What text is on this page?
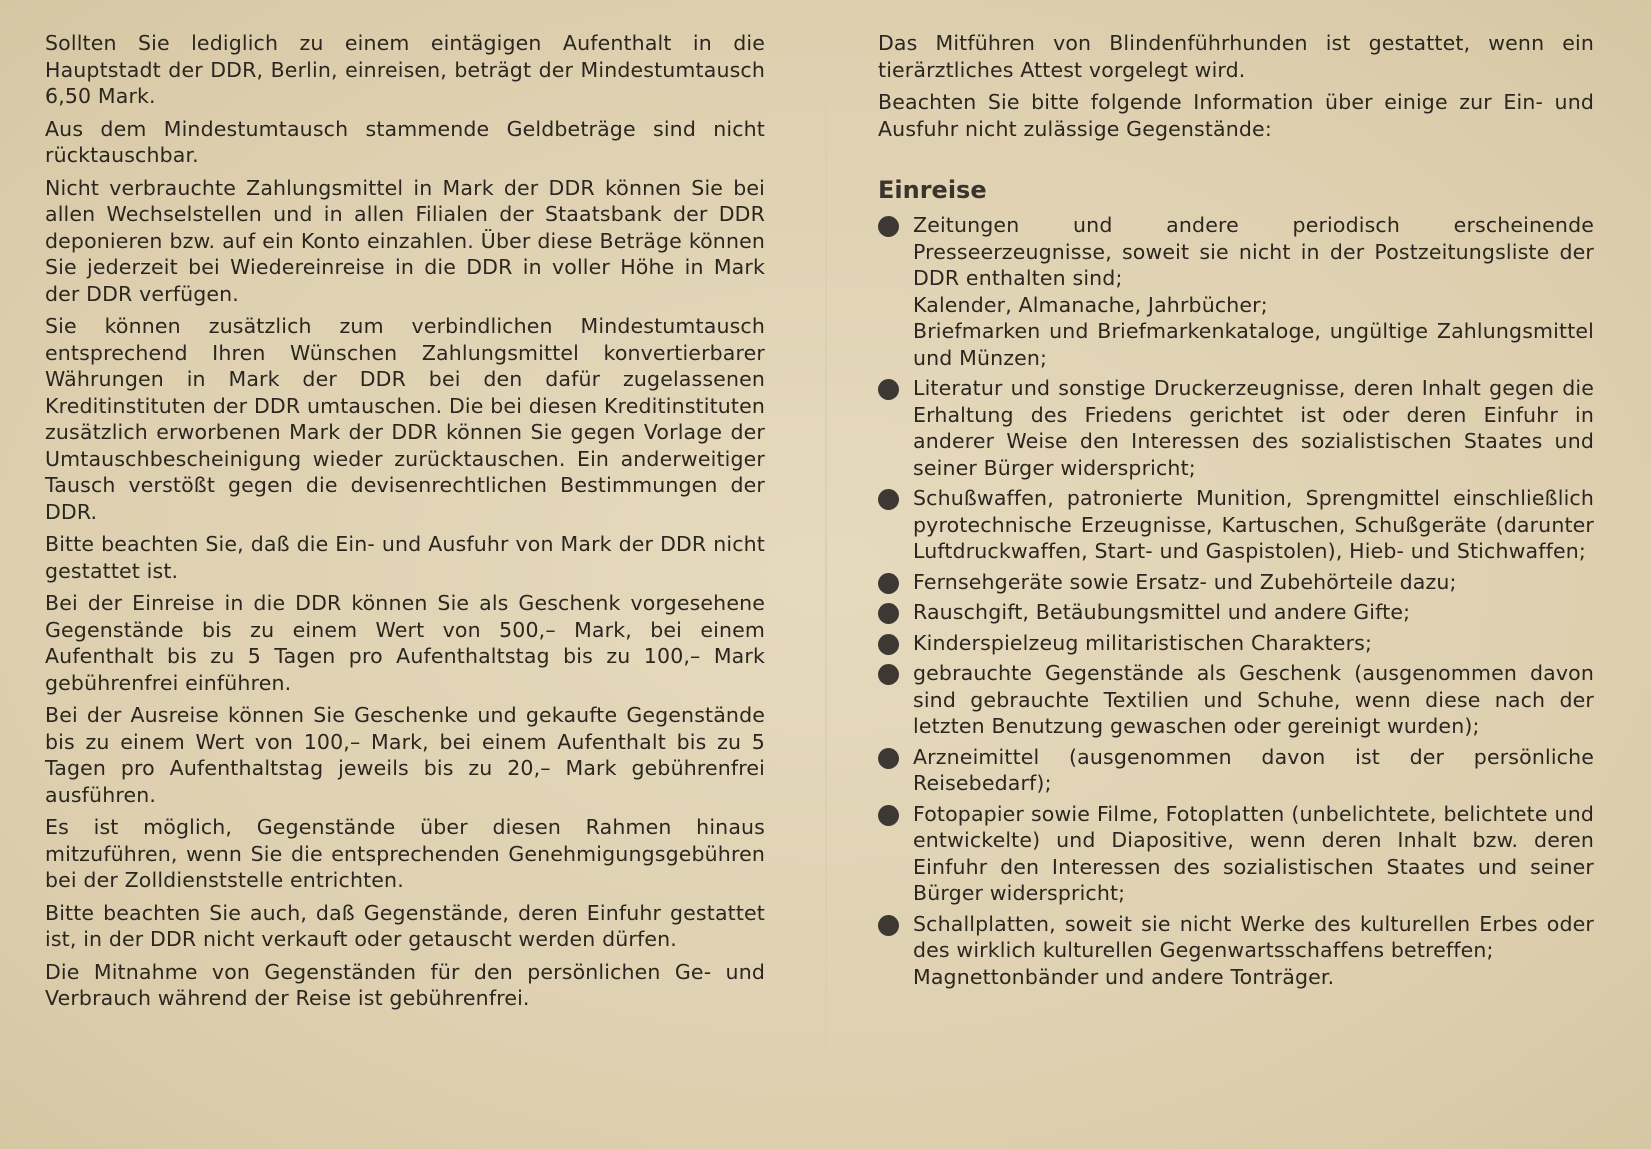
Sollten Sie lediglich zu einem eintägigen Aufenthalt in die Hauptstadt der DDR, Berlin, einreisen, beträgt der Mindestumtausch 6,50 Mark.

Aus dem Mindestumtausch stammende Geldbeträge sind nicht rücktauschbar.

Nicht verbrauchte Zahlungsmittel in Mark der DDR können Sie bei allen Wechselstellen und in allen Filialen der Staatsbank der DDR deponieren bzw. auf ein Konto einzahlen. Über diese Beträge können Sie jederzeit bei Wiedereinreise in die DDR in voller Höhe in Mark der DDR verfügen.

Sie können zusätzlich zum verbindlichen Mindestumtausch entsprechend Ihren Wünschen Zahlungsmittel konvertierbarer Währungen in Mark der DDR bei den dafür zugelassenen Kreditinstituten der DDR umtauschen. Die bei diesen Kreditinstituten zusätzlich erworbenen Mark der DDR können Sie gegen Vorlage der Umtauschbescheinigung wieder zurücktauschen. Ein anderweitiger Tausch verstößt gegen die devisenrechtlichen Bestimmungen der DDR.

Bitte beachten Sie, daß die Ein- und Ausfuhr von Mark der DDR nicht gestattet ist.

Bei der Einreise in die DDR können Sie als Geschenk vorgesehene Gegenstände bis zu einem Wert von 500,– Mark, bei einem Aufenthalt bis zu 5 Tagen pro Aufenthaltstag bis zu 100,– Mark gebührenfrei einführen.

Bei der Ausreise können Sie Geschenke und gekaufte Gegenstände bis zu einem Wert von 100,– Mark, bei einem Aufenthalt bis zu 5 Tagen pro Aufenthaltstag jeweils bis zu 20,– Mark gebührenfrei ausführen.

Es ist möglich, Gegenstände über diesen Rahmen hinaus mitzuführen, wenn Sie die entsprechenden Genehmigungsgebühren bei der Zolldienststelle entrichten.

Bitte beachten Sie auch, daß Gegenstände, deren Einfuhr gestattet ist, in der DDR nicht verkauft oder getauscht werden dürfen.

Die Mitnahme von Gegenständen für den persönlichen Ge- und Verbrauch während der Reise ist gebührenfrei.

Das Mitführen von Blindenführhunden ist gestattet, wenn ein tierärztliches Attest vorgelegt wird.

Beachten Sie bitte folgende Information über einige zur Ein- und Ausfuhr nicht zulässige Gegenstände:

Einreise
Zeitungen und andere periodisch erscheinende Presseerzeugnisse, soweit sie nicht in der Postzeitungsliste der DDR enthalten sind;
Kalender, Almanache, Jahrbücher;
Briefmarken und Briefmarkenkataloge, ungültige Zahlungsmittel und Münzen;
Literatur und sonstige Druckerzeugnisse, deren Inhalt gegen die Erhaltung des Friedens gerichtet ist oder deren Einfuhr in anderer Weise den Interessen des sozialistischen Staates und seiner Bürger widerspricht;
Schußwaffen, patronierte Munition, Sprengmittel einschließlich pyrotechnische Erzeugnisse, Kartuschen, Schußgeräte (darunter Luftdruckwaffen, Start- und Gaspistolen), Hieb- und Stichwaffen;
Fernsehgeräte sowie Ersatz- und Zubehörteile dazu;
Rauschgift, Betäubungsmittel und andere Gifte;
Kinderspielzeug militaristischen Charakters;
gebrauchte Gegenstände als Geschenk (ausgenommen davon sind gebrauchte Textilien und Schuhe, wenn diese nach der letzten Benutzung gewaschen oder gereinigt wurden);
Arzneimittel (ausgenommen davon ist der persönliche Reisebedarf);
Fotopapier sowie Filme, Fotoplatten (unbelichtete, belichtete und entwickelte) und Diapositive, wenn deren Inhalt bzw. deren Einfuhr den Interessen des sozialistischen Staates und seiner Bürger widerspricht;
Schallplatten, soweit sie nicht Werke des kulturellen Erbes oder des wirklich kulturellen Gegenwartsschaffens betreffen;
Magnettonbänder und andere Tonträger.
